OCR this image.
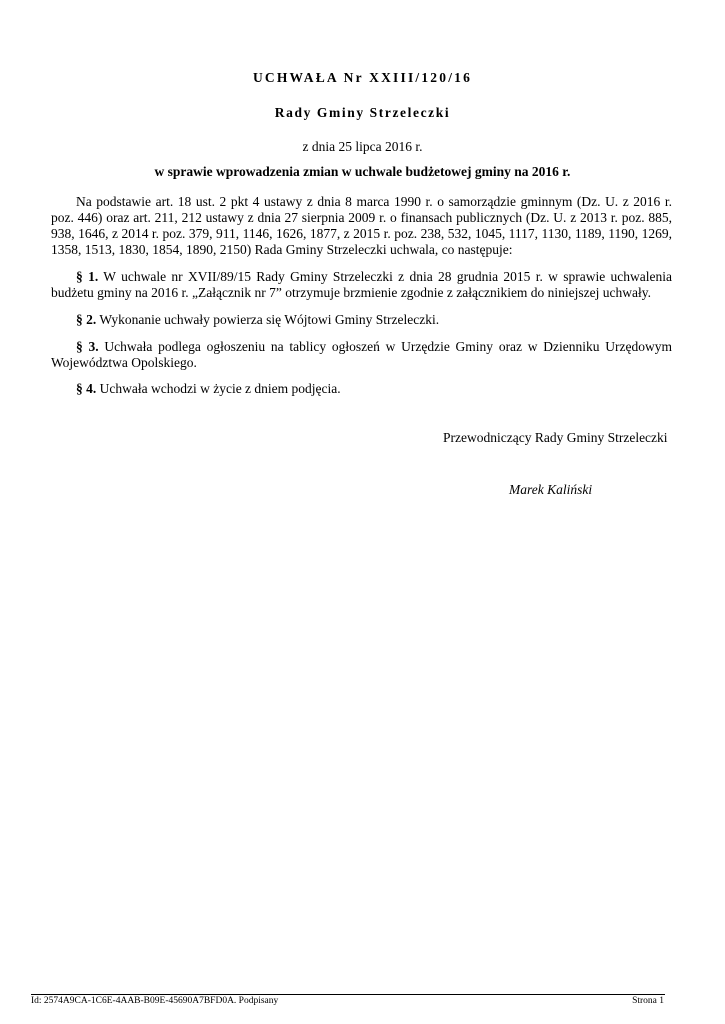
UCHWAŁA Nr XXIII/120/16
Rady Gminy Strzeleczki
z dnia 25 lipca 2016 r.
w sprawie wprowadzenia zmian w uchwale budżetowej gminy na 2016 r.
Na podstawie art. 18 ust. 2 pkt 4 ustawy z dnia 8 marca 1990 r. o samorządzie gminnym (Dz. U. z 2016 r. poz. 446) oraz art. 211, 212 ustawy z dnia 27 sierpnia 2009 r. o finansach publicznych (Dz. U. z 2013 r. poz. 885, 938, 1646, z 2014 r. poz. 379, 911, 1146, 1626, 1877, z 2015 r. poz. 238, 532, 1045, 1117, 1130, 1189, 1190, 1269, 1358, 1513, 1830, 1854, 1890, 2150) Rada Gminy Strzeleczki uchwala, co następuje:
§ 1. W uchwale nr XVII/89/15 Rady Gminy Strzeleczki z dnia 28 grudnia 2015 r. w sprawie uchwalenia budżetu gminy na 2016 r. „Załącznik nr 7” otrzymuje brzmienie zgodnie z załącznikiem do niniejszej uchwały.
§ 2. Wykonanie uchwały powierza się Wójtowi Gminy Strzeleczki.
§ 3. Uchwała podlega ogłoszeniu na tablicy ogłoszeń w Urzędzie Gminy oraz w Dzienniku Urzędowym Województwa Opolskiego.
§ 4. Uchwała wchodzi w życie z dniem podjęcia.
Przewodniczący Rady Gminy Strzeleczki
Marek Kaliński
Id: 2574A9CA-1C6E-4AAB-B09E-45690A7BFD0A. Podpisany	Strona 1
